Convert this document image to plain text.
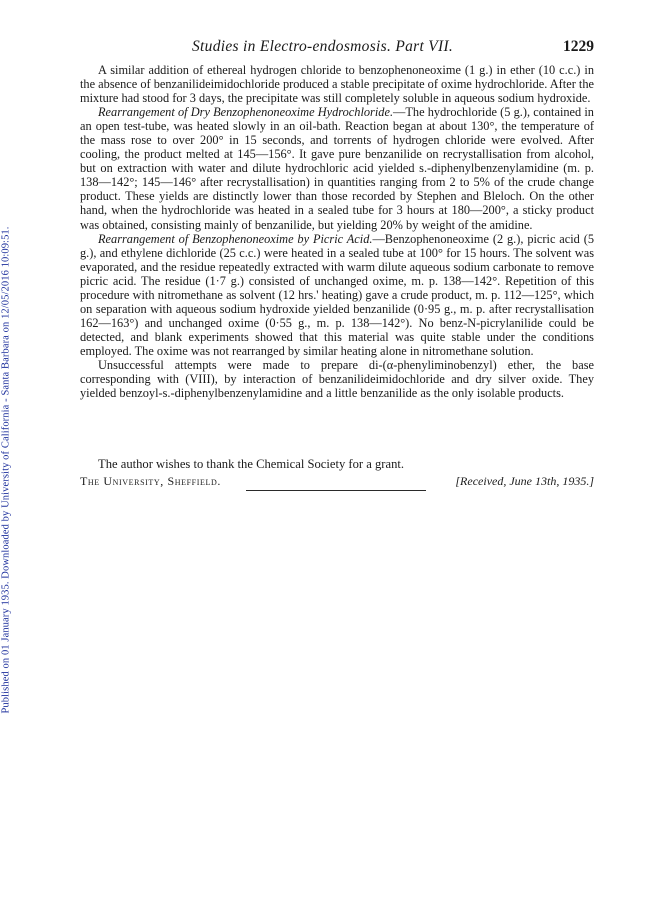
Published on 01 January 1935. Downloaded by University of California - Santa Barbara on 12/05/2016 10:09:51.
Studies in Electro-endosmosis. Part VII.	1229

A similar addition of ethereal hydrogen chloride to benzophenoneoxime (1 g.) in ether (10 c.c.) in the absence of benzanilideimidochloride produced a stable precipitate of oxime hydrochloride. After the mixture had stood for 3 days, the precipitate was still completely soluble in aqueous sodium hydroxide.

Rearrangement of Dry Benzophenoneoxime Hydrochloride.—The hydrochloride (5 g.), contained in an open test-tube, was heated slowly in an oil-bath. Reaction began at about 130°, the temperature of the mass rose to over 200° in 15 seconds, and torrents of hydrogen chloride were evolved. After cooling, the product melted at 145—156°. It gave pure benzanilide on recrystallisation from alcohol, but on extraction with water and dilute hydrochloric acid yielded s.-diphenylbenzenylamidine (m. p. 138—142°; 145—146° after recrystallisation) in quantities ranging from 2 to 5% of the crude change product. These yields are distinctly lower than those recorded by Stephen and Bleloch. On the other hand, when the hydrochloride was heated in a sealed tube for 3 hours at 180—200°, a sticky product was obtained, consisting mainly of benzanilide, but yielding 20% by weight of the amidine.

Rearrangement of Benzophenoneoxime by Picric Acid.—Benzophenoneoxime (2 g.), picric acid (5 g.), and ethylene dichloride (25 c.c.) were heated in a sealed tube at 100° for 15 hours. The solvent was evaporated, and the residue repeatedly extracted with warm dilute aqueous sodium carbonate to remove picric acid. The residue (1·7 g.) consisted of unchanged oxime, m. p. 138—142°. Repetition of this procedure with nitromethane as solvent (12 hrs.' heating) gave a crude product, m. p. 112—125°, which on separation with aqueous sodium hydroxide yielded benzanilide (0·95 g., m. p. after recrystallisation 162—163°) and unchanged oxime (0·55 g., m. p. 138—142°). No benz-N-picrylanilide could be detected, and blank experiments showed that this material was quite stable under the conditions employed. The oxime was not rearranged by similar heating alone in nitromethane solution.

Unsuccessful attempts were made to prepare di-(α-phenyliminobenzyl) ether, the base corresponding with (VIII), by interaction of benzanilideimidochloride and dry silver oxide. They yielded benzoyl-s.-diphenylbenzenylamidine and a little benzanilide as the only isolable products.

The author wishes to thank the Chemical Society for a grant.
The University, Sheffield.	[Received, June 13th, 1935.]
